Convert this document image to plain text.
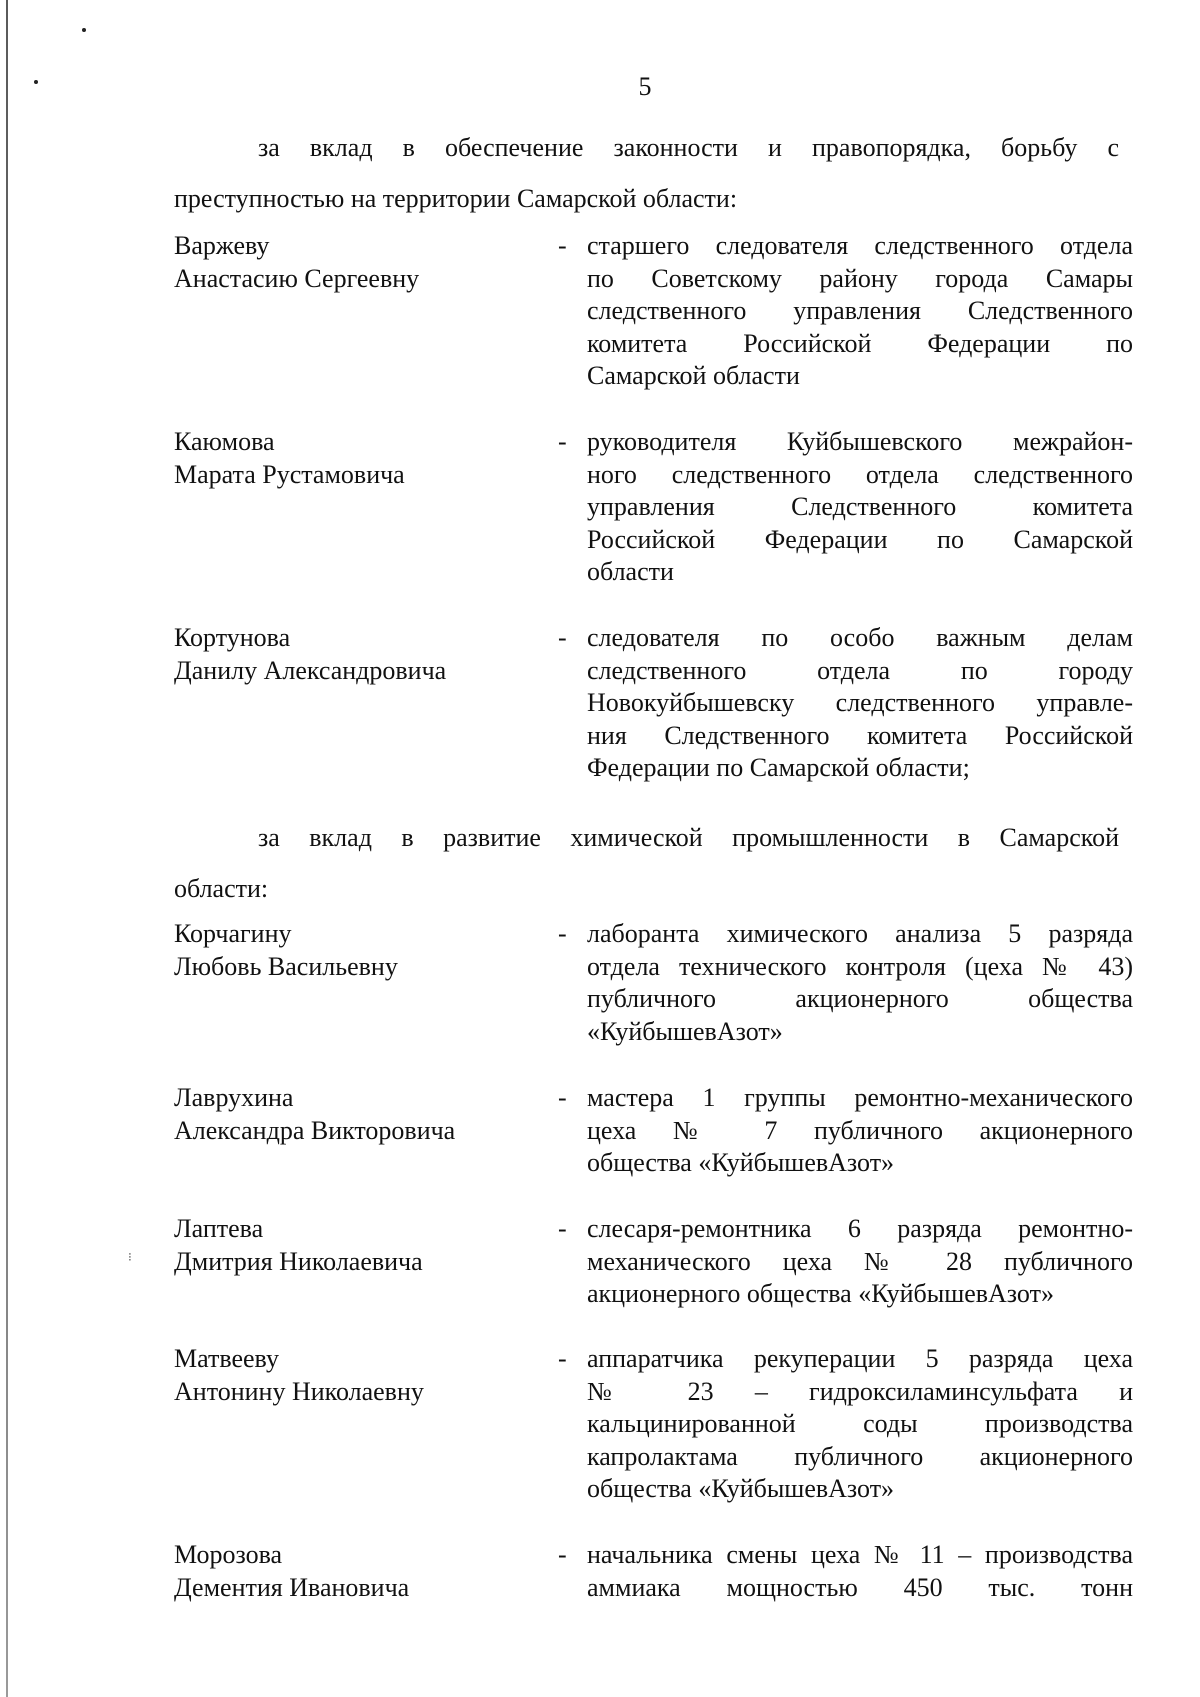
⁝
5
за вклад в обеспечение законности и правопорядка, борьбу с
преступностью на территории Самарской области:
Варжеву
Анастасию Сергеевну
- старшего следователя следственного отдела
по Советскому району города Самары
следственного управления Следственного
комитета Российской Федерации по
Самарской области
Каюмова
Марата Рустамовича
- руководителя Куйбышевского межрайон-
ного следственного отдела следственного
управления Следственного комитета
Российской Федерации по Самарской
области
Кортунова
Данилу Александровича
- следователя по особо важным делам
следственного отдела по городу
Новокуйбышевску следственного управле-
ния Следственного комитета Российской
Федерации по Самарской области;
за вклад в развитие химической промышленности в Самарской
области:
Корчагину
Любовь Васильевну
- лаборанта химического анализа 5 разряда
отдела технического контроля (цеха № 43)
публичного акционерного общества
«КуйбышевАзот»
Лаврухина
Александра Викторовича
- мастера 1 группы ремонтно-механического
цеха № 7 публичного акционерного
общества «КуйбышевАзот»
Лаптева
Дмитрия Николаевича
- слесаря-ремонтника 6 разряда ремонтно-
механического цеха № 28 публичного
акционерного общества «КуйбышевАзот»
Матвееву
Антонину Николаевну
- аппаратчика рекуперации 5 разряда цеха
№ 23 – гидроксиламинсульфата и
кальцинированной соды производства
капролактама публичного акционерного
общества «КуйбышевАзот»
Морозова
Дементия Ивановича
- начальника смены цеха № 11 – производства
аммиака мощностью 450 тыс. тонн
